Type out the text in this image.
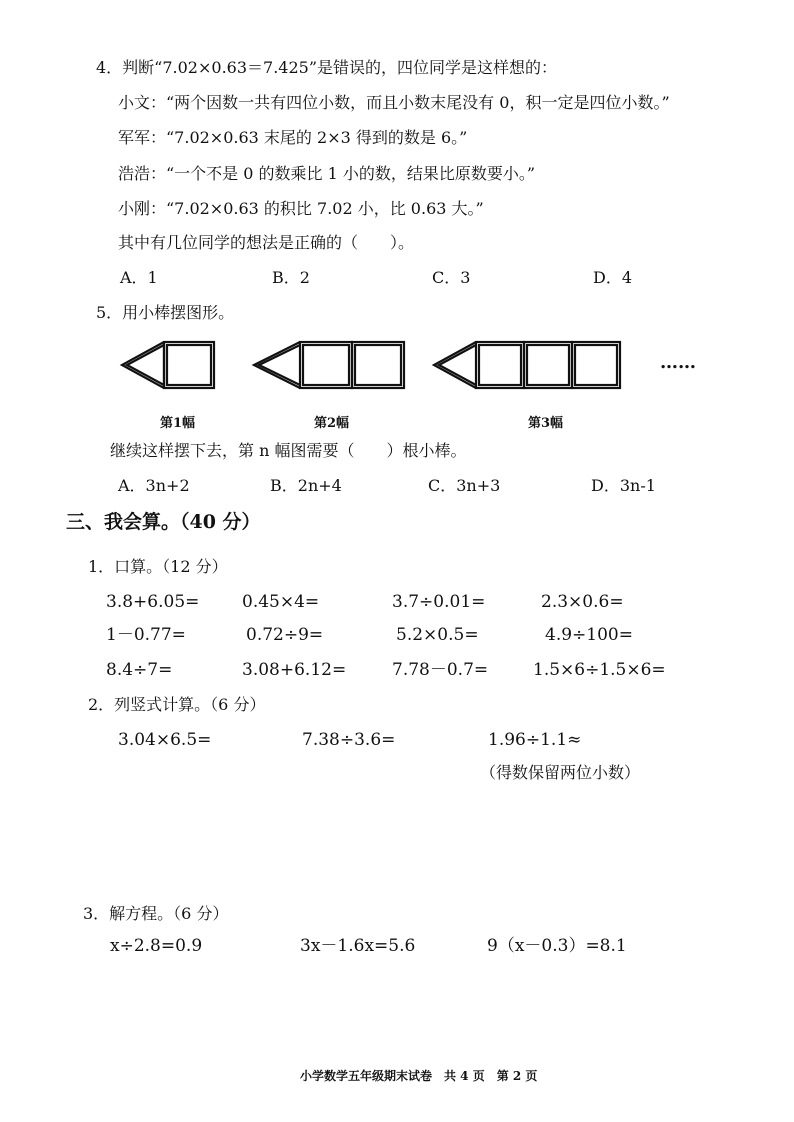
4．判断“7.02×0.63＝7.425”是错误的，四位同学是这样想的：
小文：“两个因数一共有四位小数，而且小数末尾没有 0，积一定是四位小数。”
军军：“7.02×0.63 末尾的 2×3 得到的数是 6。”
浩浩：“一个不是 0 的数乘比 1 小的数，结果比原数要小。”
小刚：“7.02×0.63 的积比 7.02 小，比 0.63 大。”
其中有几位同学的想法是正确的（　　）。
A．1	B．2	C．3	D．4
5．用小棒摆图形。
第1幅	第2幅	第3幅
……
继续这样摆下去，第 n 幅图需要（　　）根小棒。
A．3n+2	B．2n+4	C．3n+3	D．3n-1
三、我会算。（40 分）
1．口算。（12 分）
3.8+6.05=	0.45×4=	3.7÷0.01=	2.3×0.6=
1－0.77=	0.72÷9=	5.2×0.5=	4.9÷100=
8.4÷7=	3.08+6.12=	7.78－0.7=	1.5×6÷1.5×6=
2．列竖式计算。（6 分）
3.04×6.5=	7.38÷3.6=	1.96÷1.1≈
（得数保留两位小数）
3．解方程。（6 分）
x÷2.8=0.9	3x－1.6x=5.6	9（x－0.3）=8.1
小学数学五年级期末试卷　共 4 页　第 2 页
